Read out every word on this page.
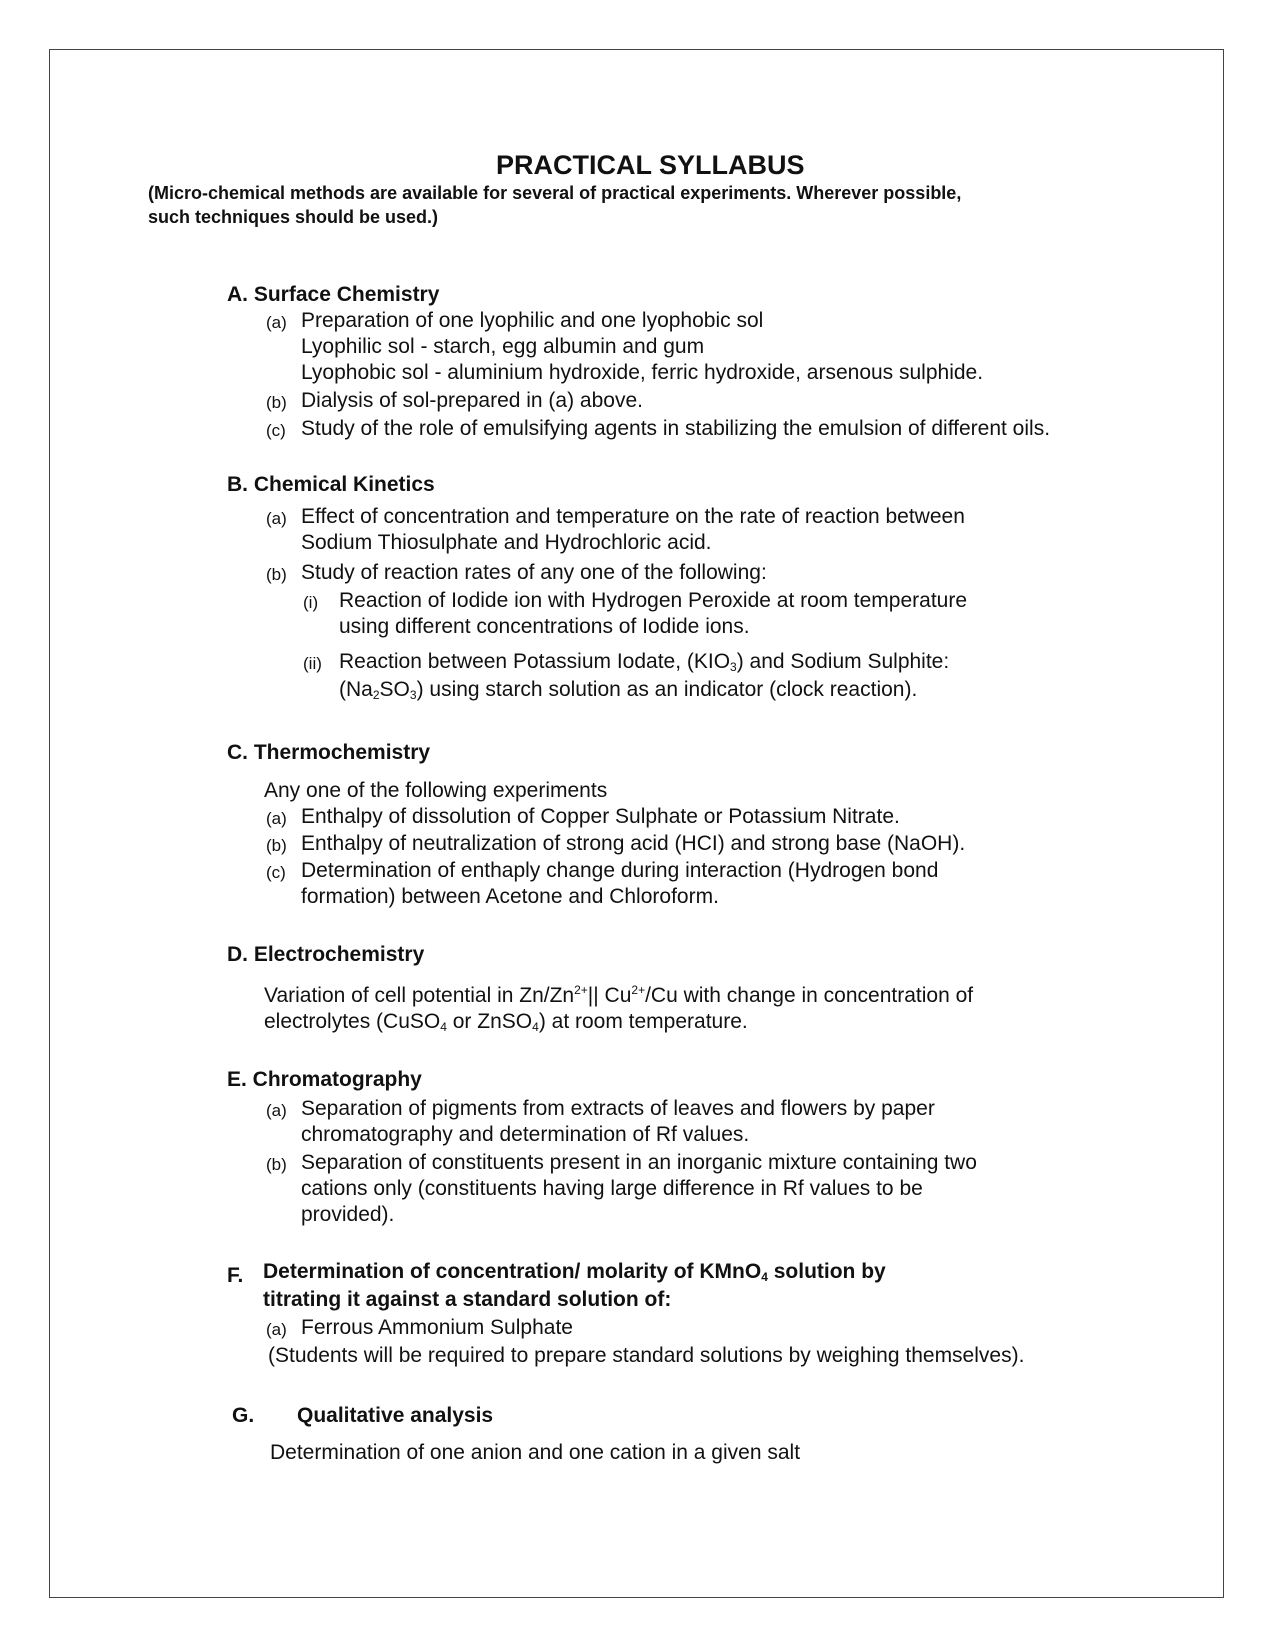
PRACTICAL SYLLABUS
(Micro-chemical methods are available for several of practical experiments. Wherever possible,
such techniques should be used.)
A. Surface Chemistry
(a) Preparation of one lyophilic and one lyophobic sol
Lyophilic sol - starch, egg albumin and gum
Lyophobic sol - aluminium hydroxide, ferric hydroxide, arsenous sulphide.
(b) Dialysis of sol-prepared in (a) above.
(c) Study of the role of emulsifying agents in stabilizing the emulsion of different oils.
B. Chemical Kinetics
(a) Effect of concentration and temperature on the rate of reaction between
Sodium Thiosulphate and Hydrochloric acid.
(b) Study of reaction rates of any one of the following:
(i) Reaction of Iodide ion with Hydrogen Peroxide at room temperature
using different concentrations of Iodide ions.
(ii) Reaction between Potassium Iodate, $(KIO_3)$ and Sodium Sulphite:
$(Na_2SO_3)$ using starch solution as an indicator (clock reaction).
C. Thermochemistry
Any one of the following experiments
(a) Enthalpy of dissolution of Copper Sulphate or Potassium Nitrate.
(b) Enthalpy of neutralization of strong acid (HCI) and strong base (NaOH).
(c) Determination of enthaply change during interaction (Hydrogen bond
formation) between Acetone and Chloroform.
D. Electrochemistry
Variation of cell potential in $Zn/Zn^{2+}||$ $Cu^{2+}/Cu$ with change in concentration of
electrolytes (CuSO$_4$ or ZnSO$_4$) at room temperature.
E. Chromatography
(a) Separation of pigments from extracts of leaves and flowers by paper
chromatography and determination of Rf values.
(b) Separation of constituents present in an inorganic mixture containing two
cations only (constituents having large difference in Rf values to be
provided).
F. Determination of concentration/ molarity of KMnO$_4$ solution by
titrating it against a standard solution of:
(a) Ferrous Ammonium Sulphate
(Students will be required to prepare standard solutions by weighing themselves).
G. Qualitative analysis
Determination of one anion and one cation in a given salt
